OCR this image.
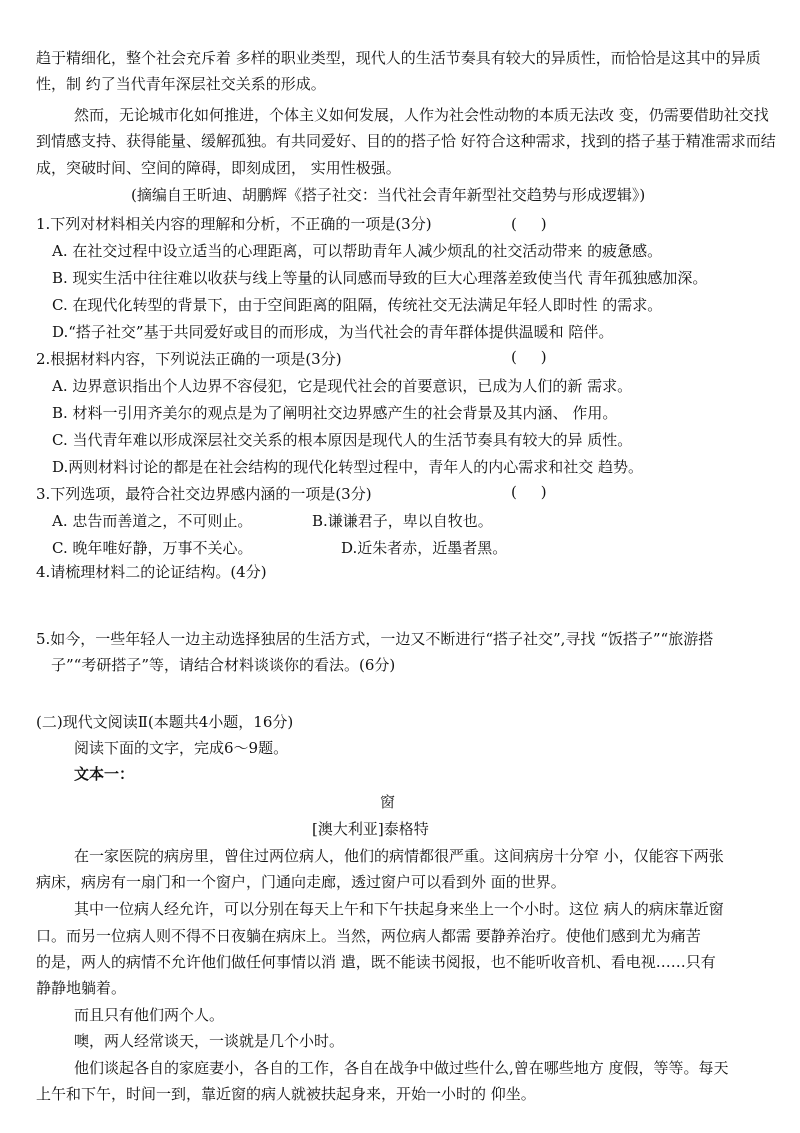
趋于精细化，整个社会充斥着 多样的职业类型，现代人的生活节奏具有较大的异质性，而恰恰是这其中的异质
性，制 约了当代青年深层社交关系的形成。
然而，无论城市化如何推进，个体主义如何发展，人作为社会性动物的本质无法改 变，仍需要借助社交找
到情感支持、获得能量、缓解孤独。有共同爱好、目的的搭子恰 好符合这种需求，找到的搭子基于精准需求而结
成，突破时间、空间的障碍，即刻成团， 实用性极强。
(摘编自王昕迪、胡鹏辉《搭子社交：当代社会青年新型社交趋势与形成逻辑》)
1.下列对材料相关内容的理解和分析，不正确的一项是(3分)	(     )
A. 在社交过程中设立适当的心理距离，可以帮助青年人减少烦乱的社交活动带来 的疲惫感。
B. 现实生活中往往难以收获与线上等量的认同感而导致的巨大心理落差致使当代 青年孤独感加深。
C. 在现代化转型的背景下，由于空间距离的阻隔，传统社交无法满足年轻人即时性 的需求。
D.“搭子社交”基于共同爱好或目的而形成，为当代社会的青年群体提供温暖和 陪伴。
2.根据材料内容，下列说法正确的一项是(3分)	(     )
A. 边界意识指出个人边界不容侵犯，它是现代社会的首要意识，已成为人们的新 需求。
B. 材料一引用齐美尔的观点是为了阐明社交边界感产生的社会背景及其内涵、 作用。
C. 当代青年难以形成深层社交关系的根本原因是现代人的生活节奏具有较大的异 质性。
D.两则材料讨论的都是在社会结构的现代化转型过程中，青年人的内心需求和社交 趋势。
3.下列选项，最符合社交边界感内涵的一项是(3分)	(     )
A. 忠告而善道之，不可则止。	B.谦谦君子，卑以自牧也。
C. 晚年唯好静，万事不关心。	D.近朱者赤，近墨者黑。
4.请梳理材料二的论证结构。(4分)
5.如今，一些年轻人一边主动选择独居的生活方式，一边又不断进行“搭子社交”,寻找 “饭搭子”“旅游搭
子”“考研搭子”等，请结合材料谈谈你的看法。(6分)
(二)现代文阅读Ⅱ(本题共4小题，16分)
阅读下面的文字，完成6～9题。
文本一：
窗
[澳大利亚]泰格特
在一家医院的病房里，曾住过两位病人，他们的病情都很严重。这间病房十分窄 小，仅能容下两张
病床，病房有一扇门和一个窗户，门通向走廊，透过窗户可以看到外 面的世界。
其中一位病人经允许，可以分别在每天上午和下午扶起身来坐上一个小时。这位 病人的病床靠近窗
口。而另一位病人则不得不日夜躺在病床上。当然，两位病人都需 要静养治疗。使他们感到尤为痛苦
的是，两人的病情不允许他们做任何事情以消 遣，既不能读书阅报，也不能听收音机、看电视……只有
静静地躺着。
而且只有他们两个人。
噢，两人经常谈天，一谈就是几个小时。
他们谈起各自的家庭妻小，各自的工作，各自在战争中做过些什么,曾在哪些地方 度假，等等。每天
上午和下午，时间一到，靠近窗的病人就被扶起身来，开始一小时的 仰坐。
